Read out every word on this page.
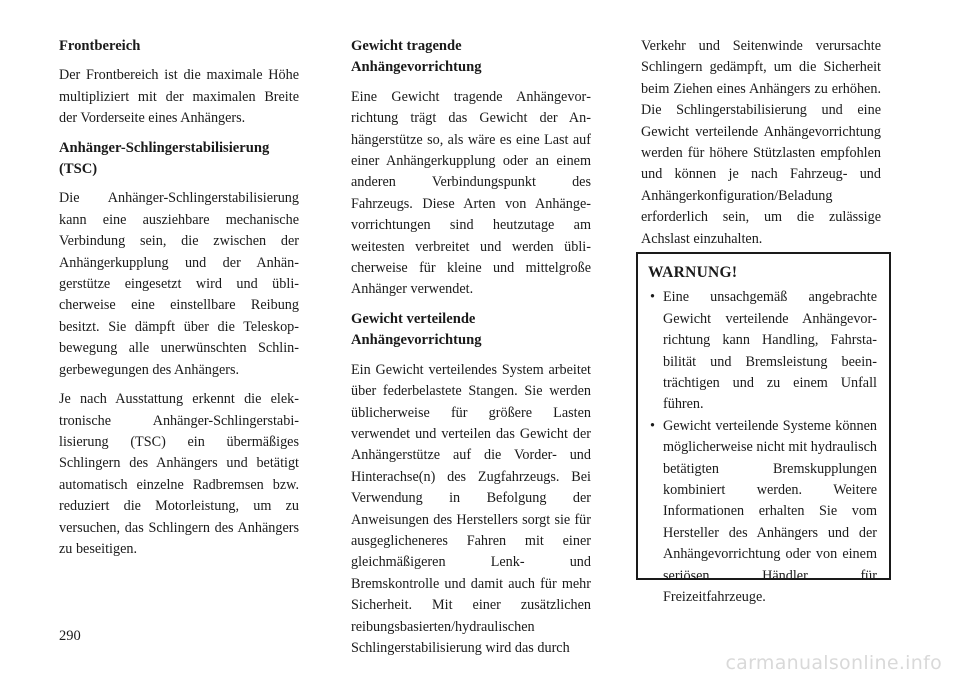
Frontbereich

Der Frontbereich ist die maximale Höhe multipliziert mit der maximalen Breite der Vorderseite eines Anhängers.

Anhänger-Schlingerstabilisierung (TSC)

Die Anhänger-Schlingerstabilisierung kann eine ausziehbare mechanische Verbindung sein, die zwischen der Anhängerkupplung und der Anhängerstütze eingesetzt wird und üblicherweise eine einstellbare Reibung besitzt. Sie dämpft über die Teleskopbewegung alle unerwünschten Schlingerbewegungen des Anhängers.

Je nach Ausstattung erkennt die elektronische Anhänger-Schlingerstabilisierung (TSC) ein übermäßiges Schlingern des Anhängers und betätigt automatisch einzelne Radbremsen bzw. reduziert die Motorleistung, um zu versuchen, das Schlingern des Anhängers zu beseitigen.

Gewicht tragende Anhängevorrichtung

Eine Gewicht tragende Anhängevorrichtung trägt das Gewicht der Anhängerstütze so, als wäre es eine Last auf einer Anhängerkupplung oder an einem anderen Verbindungspunkt des Fahrzeugs. Diese Arten von Anhängevorrichtungen sind heutzutage am weitesten verbreitet und werden üblicherweise für kleine und mittelgroße Anhänger verwendet.

Gewicht verteilende Anhängevorrichtung

Ein Gewicht verteilendes System arbeitet über federbelastete Stangen. Sie werden üblicherweise für größere Lasten verwendet und verteilen das Gewicht der Anhängerstütze auf die Vorder- und Hinterachse(n) des Zugfahrzeugs. Bei Verwendung in Befolgung der Anweisungen des Herstellers sorgt sie für ausgeglicheneres Fahren mit einer gleichmäßigeren Lenk- und Bremskontrolle und damit auch für mehr Sicherheit. Mit einer zusätzlichen reibungsbasierten/hydraulischen Schlingerstabilisierung wird das durch

Verkehr und Seitenwinde verursachte Schlingern gedämpft, um die Sicherheit beim Ziehen eines Anhängers zu erhöhen. Die Schlingerstabilisierung und eine Gewicht verteilende Anhängevorrichtung werden für höhere Stützlasten empfohlen und können je nach Fahrzeug- und Anhängerkonfiguration/Beladung erforderlich sein, um die zulässige Achslast einzuhalten.

WARNUNG!
• Eine unsachgemäß angebrachte Gewicht verteilende Anhängevorrichtung kann Handling, Fahrstabilität und Bremsleistung beeinträchtigen und zu einem Unfall führen.
• Gewicht verteilende Systeme können möglicherweise nicht mit hydraulisch betätigten Bremskupplungen kombiniert werden. Weitere Informationen erhalten Sie vom Hersteller des Anhängers und der Anhängevorrichtung oder von einem seriösen Händler für Freizeitfahrzeuge.
290
carmanualsonline.info
